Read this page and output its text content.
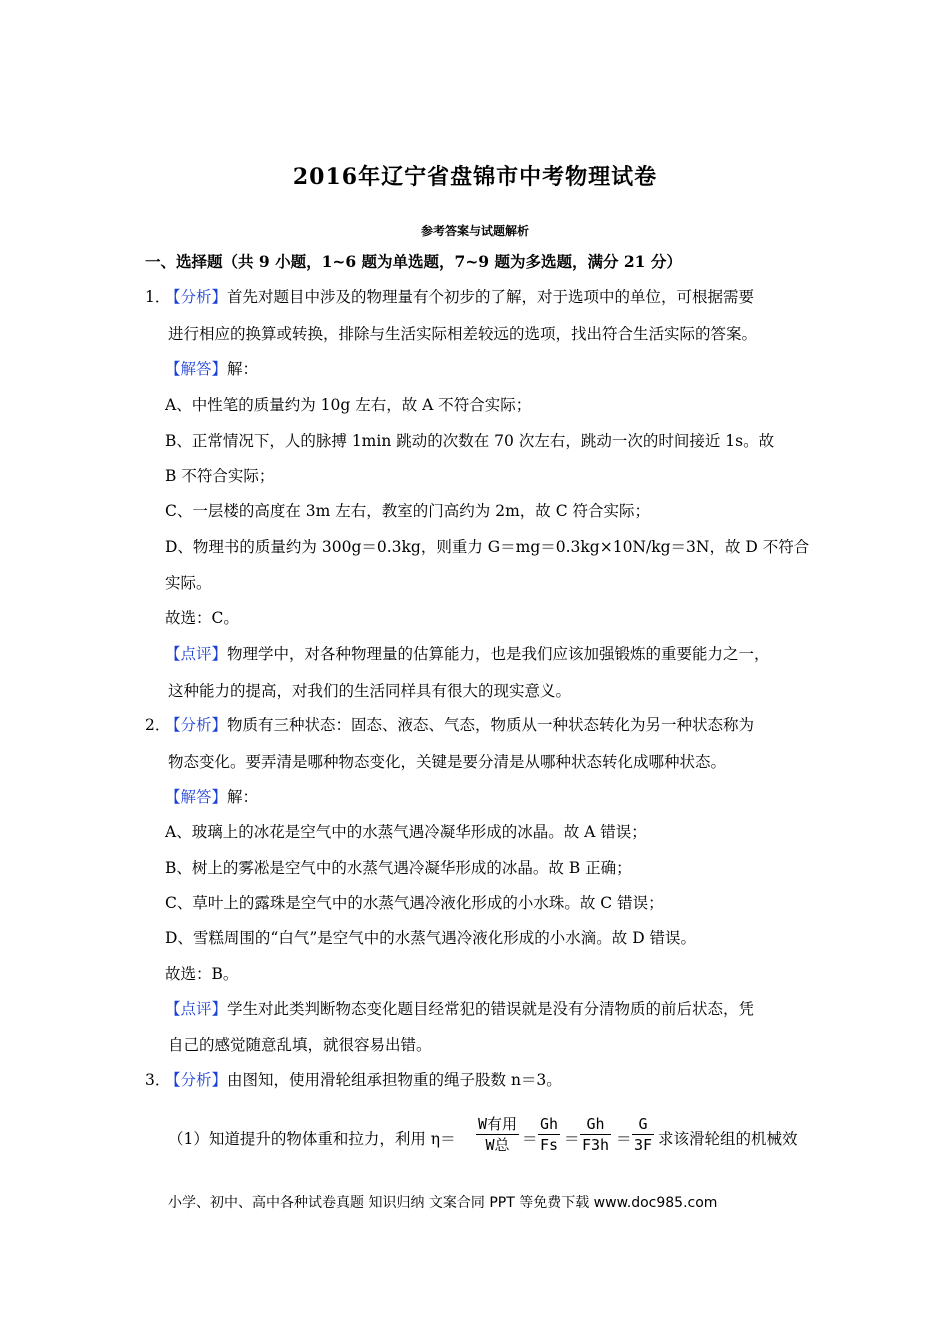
2016年辽宁省盘锦市中考物理试卷
参考答案与试题解析
一、选择题（共 9 小题，1~6 题为单选题，7~9 题为多选题，满分 21 分）
1．
【分析】首先对题目中涉及的物理量有个初步的了解，对于选项中的单位，可根据需要
进行相应的换算或转换，排除与生活实际相差较远的选项，找出符合生活实际的答案。
【解答】解：
A、中性笔的质量约为 10g 左右，故 A 不符合实际；
B、正常情况下，人的脉搏 1min 跳动的次数在 70 次左右，跳动一次的时间接近 1s。故
B 不符合实际；
C、一层楼的高度在 3m 左右，教室的门高约为 2m，故 C 符合实际；
D、物理书的质量约为 300g＝0.3kg，则重力 G＝mg＝0.3kg×10N/kg＝3N，故 D 不符合
实际。
故选：C。
【点评】物理学中，对各种物理量的估算能力，也是我们应该加强锻炼的重要能力之一，
这种能力的提高，对我们的生活同样具有很大的现实意义。
2．
【分析】物质有三种状态：固态、液态、气态，物质从一种状态转化为另一种状态称为
物态变化。要弄清是哪种物态变化，关键是要分清是从哪种状态转化成哪种状态。
【解答】解：
A、玻璃上的冰花是空气中的水蒸气遇冷凝华形成的冰晶。故 A 错误；
B、树上的雾凇是空气中的水蒸气遇冷凝华形成的冰晶。故 B 正确；
C、草叶上的露珠是空气中的水蒸气遇冷液化形成的小水珠。故 C 错误；
D、雪糕周围的“白气”是空气中的水蒸气遇冷液化形成的小水滴。故 D 错误。
故选：B。
【点评】学生对此类判断物态变化题目经常犯的错误就是没有分清物质的前后状态，凭
自己的感觉随意乱填，就很容易出错。
3．
【分析】由图知，使用滑轮组承担物重的绳子股数 n＝3。
（1）知道提升的物体重和拉力，利用 η＝
W有用
W总 ＝ $\frac{Gh}{Fs} = \frac{Gh}{F3h} = \frac{G}{3F}$ 求该滑轮组的机械效
小学、初中、高中各种试卷真题 知识归纳 文案合同 PPT 等免费下载 www.doc985.com
